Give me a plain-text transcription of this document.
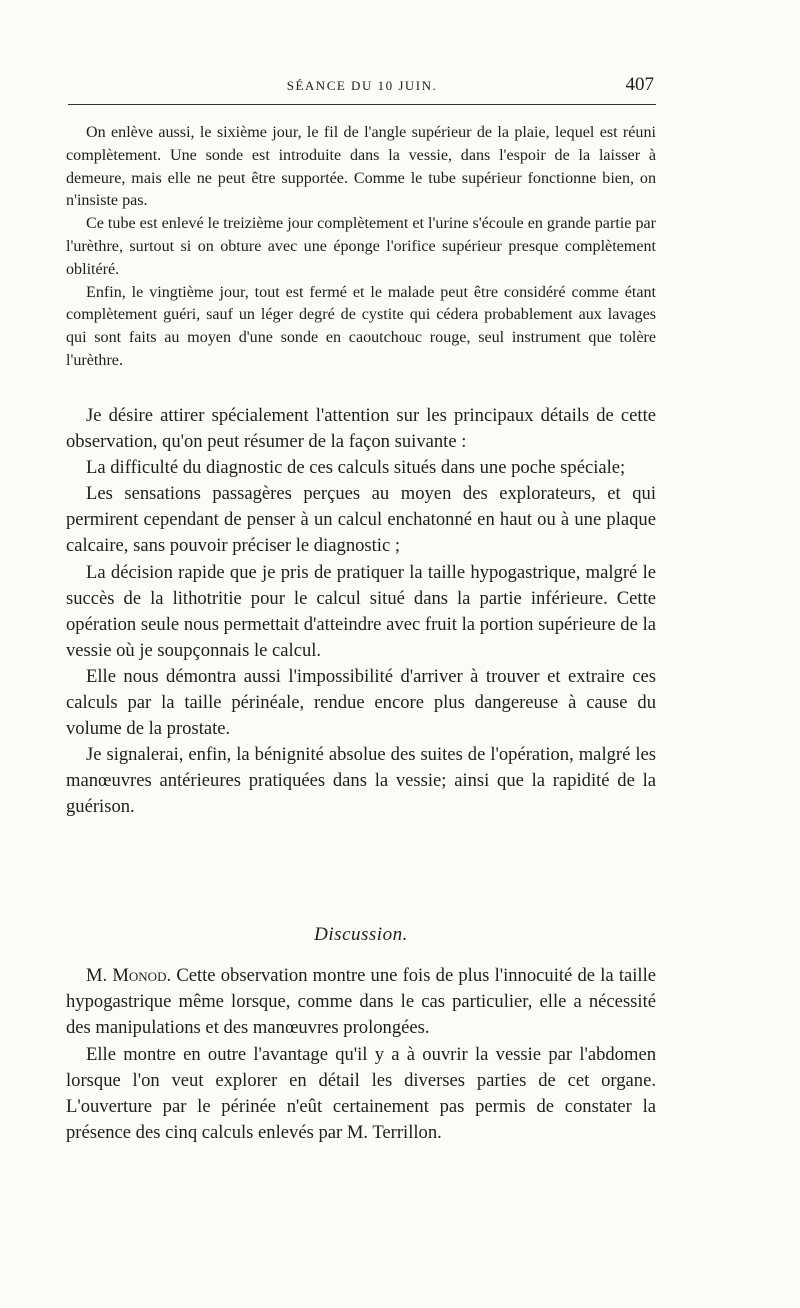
SÉANCE DU 10 JUIN.	407

On enlève aussi, le sixième jour, le fil de l'angle supérieur de la plaie, lequel est réuni complètement. Une sonde est introduite dans la vessie, dans l'espoir de la laisser à demeure, mais elle ne peut être supportée. Comme le tube supérieur fonctionne bien, on n'insiste pas.

Ce tube est enlevé le treizième jour complètement et l'urine s'écoule en grande partie par l'urèthre, surtout si on obture avec une éponge l'orifice supérieur presque complètement oblitéré.

Enfin, le vingtième jour, tout est fermé et le malade peut être considéré comme étant complètement guéri, sauf un léger degré de cystite qui cédera probablement aux lavages qui sont faits au moyen d'une sonde en caoutchouc rouge, seul instrument que tolère l'urèthre.

Je désire attirer spécialement l'attention sur les principaux détails de cette observation, qu'on peut résumer de la façon suivante :

La difficulté du diagnostic de ces calculs situés dans une poche spéciale;

Les sensations passagères perçues au moyen des explorateurs, et qui permirent cependant de penser à un calcul enchatonné en haut ou à une plaque calcaire, sans pouvoir préciser le diagnostic ;

La décision rapide que je pris de pratiquer la taille hypogastrique, malgré le succès de la lithotritie pour le calcul situé dans la partie inférieure. Cette opération seule nous permettait d'atteindre avec fruit la portion supérieure de la vessie où je soupçonnais le calcul.

Elle nous démontra aussi l'impossibilité d'arriver à trouver et extraire ces calculs par la taille périnéale, rendue encore plus dangereuse à cause du volume de la prostate.

Je signalerai, enfin, la bénignité absolue des suites de l'opération, malgré les manœuvres antérieures pratiquées dans la vessie; ainsi que la rapidité de la guérison.

Discussion.

M. Monod. Cette observation montre une fois de plus l'innocuité de la taille hypogastrique même lorsque, comme dans le cas particulier, elle a nécessité des manipulations et des manœuvres prolongées.

Elle montre en outre l'avantage qu'il y a à ouvrir la vessie par l'abdomen lorsque l'on veut explorer en détail les diverses parties de cet organe. L'ouverture par le périnée n'eût certainement pas permis de constater la présence des cinq calculs enlevés par M. Terrillon.
